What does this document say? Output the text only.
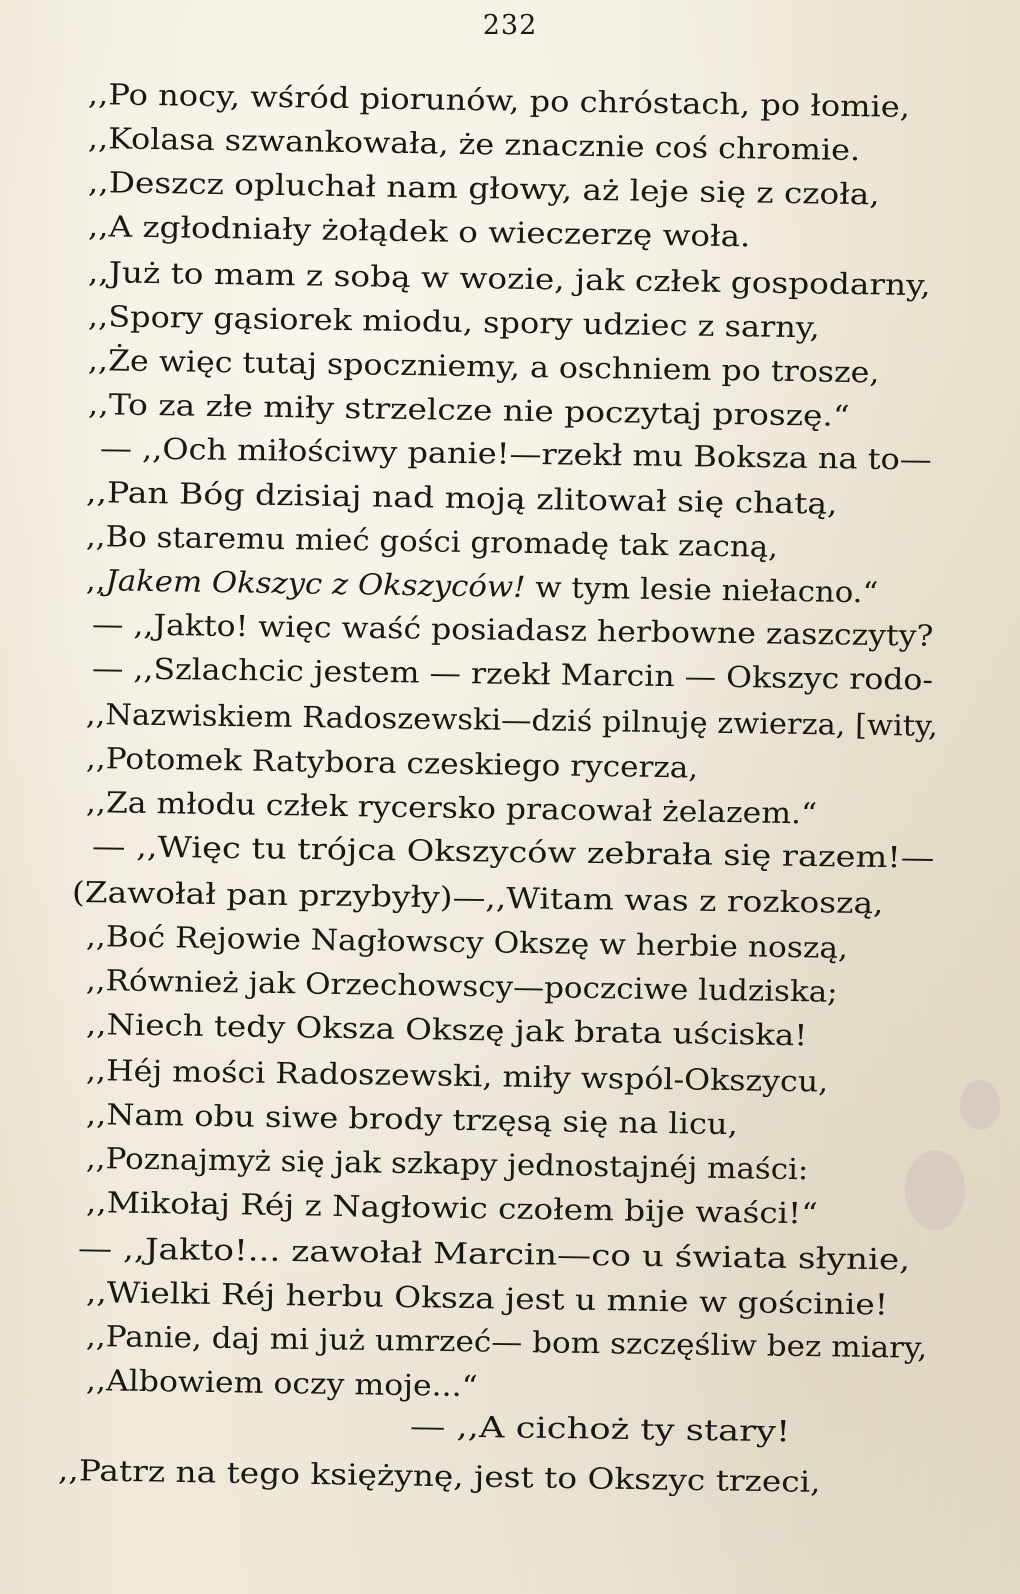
232
,,Po nocy, wśród piorunów, po chróstach, po łomie,
,,Kolasa szwankowała, że znacznie coś chromie.
,,Deszcz opluchał nam głowy, aż leje się z czoła,
,,A zgłodniały żołądek o wieczerzę woła.
,,Już to mam z sobą w wozie, jak człek gospodarny,
,,Spory gąsiorek miodu, spory udziec z sarny,
,,Że więc tutaj spoczniemy, a oschniem po trosze,
,,To za złe miły strzelcze nie poczytaj proszę.“
— ,,Och miłościwy panie!—rzekł mu Boksza na to—
,,Pan Bóg dzisiaj nad moją zlitował się chatą,
,,Bo staremu mieć gości gromadę tak zacną,
,,Jakem Okszyc z Okszyców! w tym lesie niełacno.“
— ,,Jakto! więc waść posiadasz herbowne zaszczyty?
— ,,Szlachcic jestem — rzekł Marcin — Okszyc rodo-
,,Nazwiskiem Radoszewski—dziś pilnuję zwierza, [wity,
,,Potomek Ratybora czeskiego rycerza,
,,Za młodu człek rycersko pracował żelazem.“
— ,,Więc tu trójca Okszyców zebrała się razem!—
(Zawołał pan przybyły)—,,Witam was z rozkoszą,
,,Boć Rejowie Nagłowscy Okszę w herbie noszą,
,,Również jak Orzechowscy—poczciwe ludziska;
,,Niech tedy Oksza Okszę jak brata uściska!
,,Héj mości Radoszewski, miły wspól-Okszycu,
,,Nam obu siwe brody trzęsą się na licu,
,,Poznajmyż się jak szkapy jednostajnéj maści:
,,Mikołaj Réj z Nagłowic czołem bije waści!“
— ,,Jakto!... zawołał Marcin—co u świata słynie,
,,Wielki Réj herbu Oksza jest u mnie w gościnie!
,,Panie, daj mi już umrzeć— bom szczęśliw bez miary,
,,Albowiem oczy moje...“
— ,,A cichoż ty stary!
,,Patrz na tego księżynę, jest to Okszyc trzeci,
